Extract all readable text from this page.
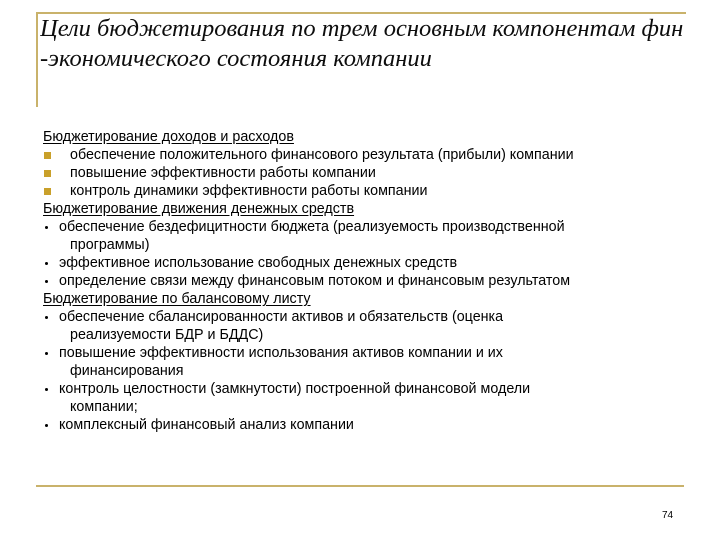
Цели бюджетирования по трем основным компонентам фин
-экономического состояния компании
Бюджетирование доходов и расходов
обеспечение положительного финансового результата (прибыли) компании
повышение эффективности работы компании
контроль динамики эффективности работы компании
Бюджетирование движения денежных средств
обеспечение бездефицитности бюджета (реализуемость производственной
программы)
эффективное использование свободных денежных средств
определение связи между финансовым потоком и финансовым результатом
Бюджетирование по балансовому листу
обеспечение сбалансированности активов и обязательств (оценка
реализуемости БДР и БДДС)
повышение эффективности использования активов компании и их
финансирования
контроль целостности (замкнутости) построенной финансовой модели
компании;
комплексный финансовый анализ компании
74
